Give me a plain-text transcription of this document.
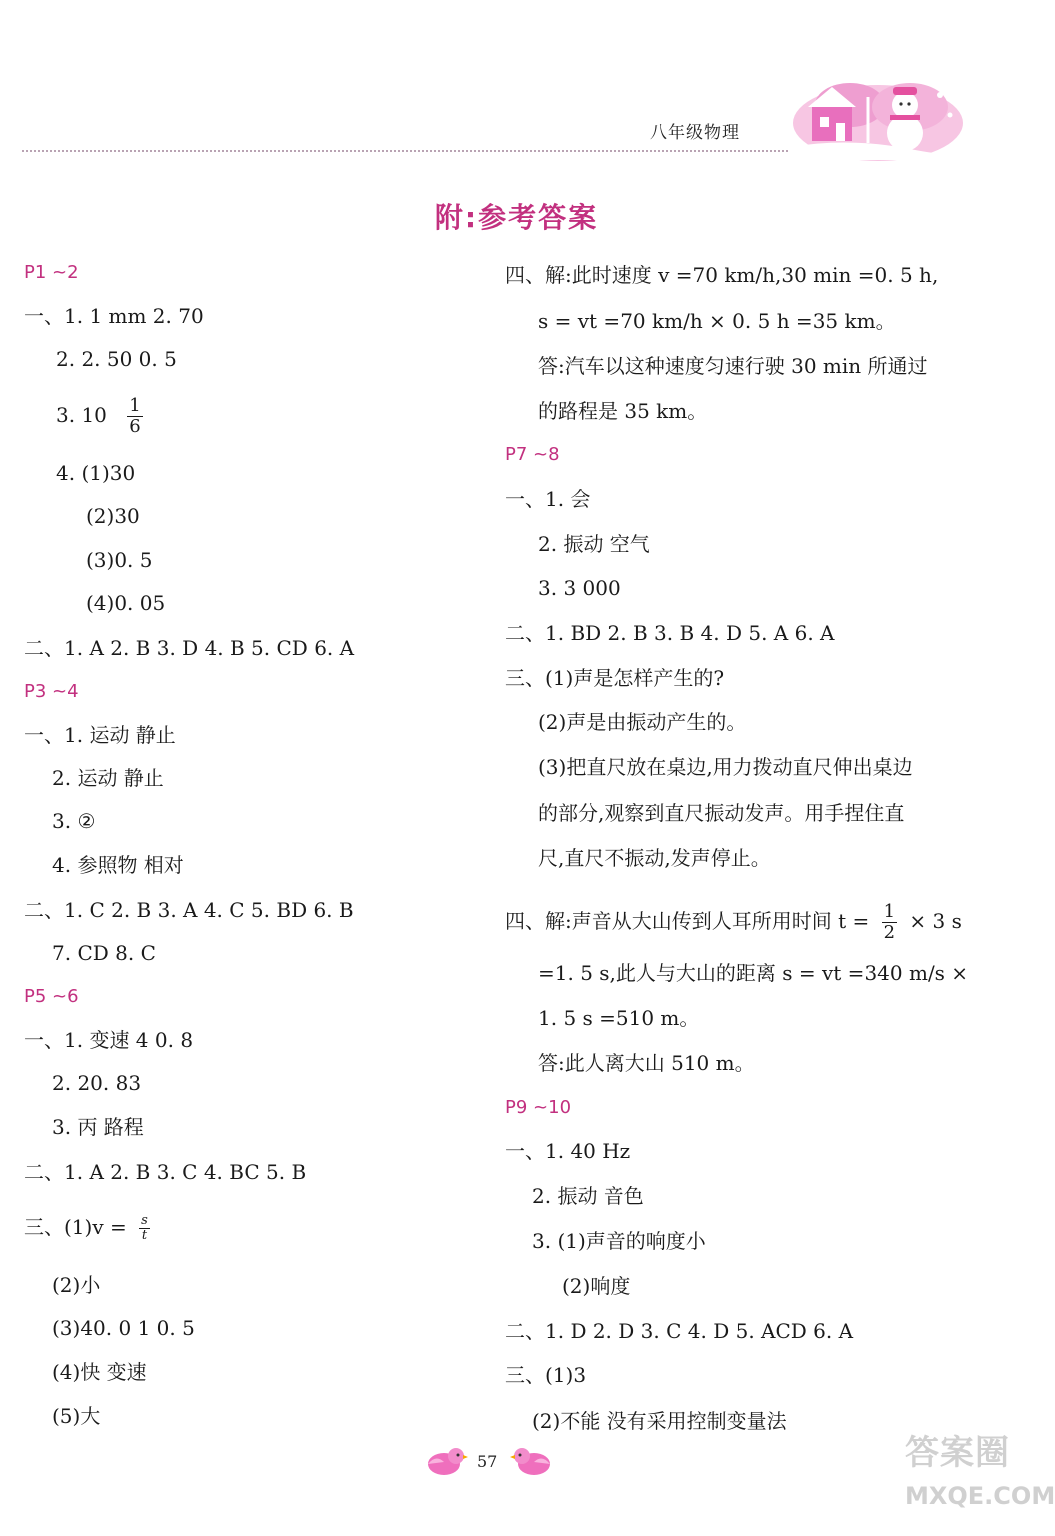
八年级物理
附:参考答案
P1 ~2
一、1. 1 mm 2. 70
2. 2. 50 0. 5
3. $10 \frac{1}{6}$
4. (1)30
(2)30
(3)0. 5
(4)0. 05
二、1. A 2. B 3. D 4. B 5. CD 6. A
P3 ~4
一、1. 运动 静止
2. 运动 静止
3. ②
4. 参照物 相对
二、1. C 2. B 3. A 4. C 5. BD 6. B
7. CD 8. C
P5 ~6
一、1. 变速 4 0. 8
2. 20. 83
3. 丙 路程
二、1. A 2. B 3. C 4. BC 5. B
三、$(1)v = \frac{s}{t}$
(2)小
(3)40. 0 1 0. 5
(4)快 变速
(5)大
四、解:此时速度 v =70 km/h,30 min =0. 5 h,
s = vt =70 km/h × 0. 5 h =35 km。
答:汽车以这种速度匀速行驶 30 min 所通过
的路程是 35 km。
P7 ~8
一、1. 会
2. 振动 空气
3. 3 000
二、1. BD 2. B 3. B 4. D 5. A 6. A
三、(1)声是怎样产生的?
(2)声是由振动产生的。
(3)把直尺放在桌边,用力拨动直尺伸出桌边
的部分,观察到直尺振动发声。用手捏住直
尺,直尺不振动,发声停止。
四、解:声音从大山传到人耳所用时间 $t = \frac{1}{2} \times 3$ s
=1. 5 s,此人与大山的距离 s = vt =340 m/s ×
1. 5 s =510 m。
答:此人离大山 510 m。
P9 ~10
一、1. 40 Hz
2. 振动 音色
3. (1)声音的响度小
(2)响度
二、1. D 2. D 3. C 4. D 5. ACD 6. A
三、(1)3
(2)不能 没有采用控制变量法
57	答案圈
MXQE.COM
